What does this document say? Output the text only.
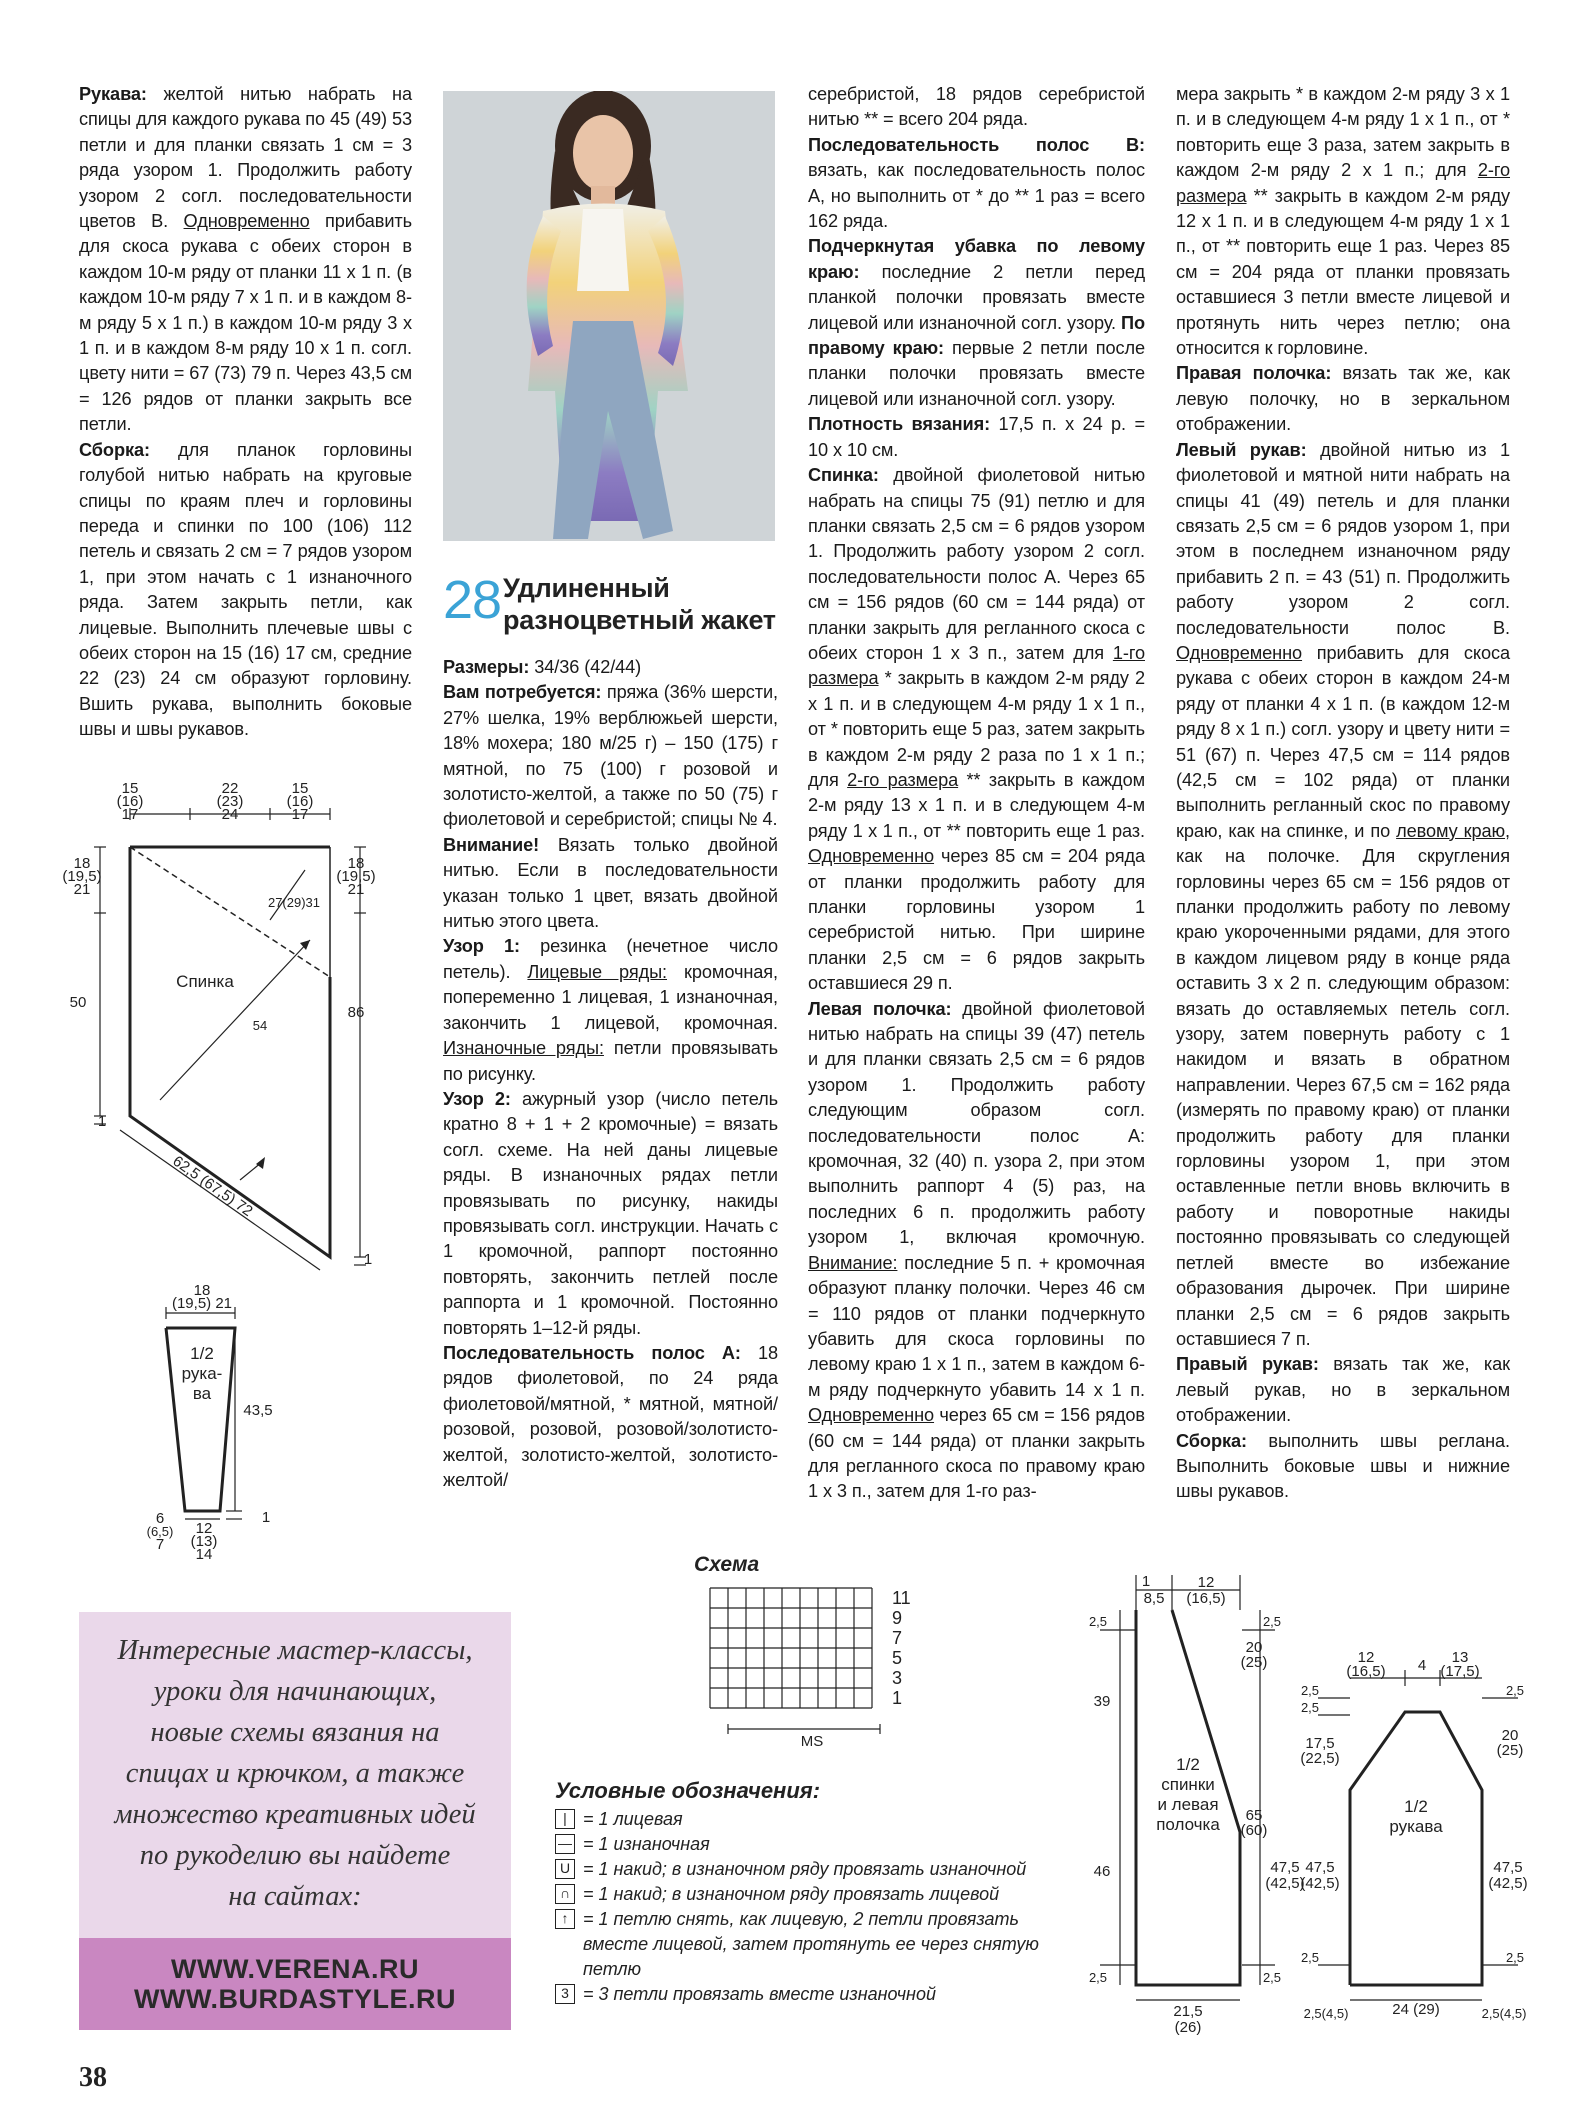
Рукава: желтой нитью набрать на спицы для каждого рукава по 45 (49) 53 петли и для планки связать 1 см = 3 ряда узором 1. Продолжить работу узором 2 согл. последовательности цветов В. Одновременно прибавить для скоса рукава с обеих сторон в каждом 10-м ряду от планки 11 х 1 п. (в каждом 10-м ряду 7 х 1 п. и в каждом 8-м ряду 5 х 1 п.) в каждом 10-м ряду 3 х 1 п. и в каждом 8-м ряду 10 х 1 п. согл. цвету нити = 67 (73) 79 п. Через 43,5 см = 126 рядов от планки закрыть все петли.

Сборка: для планок горловины голубой нитью набрать на круговые спицы по краям плеч и горловины переда и спинки по 100 (106) 112 петель и связать 2 см = 7 рядов узором 1, при этом начать с 1 изнаночного ряда. Затем закрыть петли, как лицевые. Выполнить плечевые швы с обеих сторон на 15 (16) 17 см, средние 22 (23) 24 см образуют горловину. Вшить рукава, выполнить боковые швы и швы рукавов.

28 Удлиненный
разноцветный жакет

Размеры: 34/36 (42/44)

Вам потребуется: пряжа (36% шерсти, 27% шелка, 19% верблюжьей шерсти, 18% мохера; 180 м/25 г) – 150 (175) г мятной, по 75 (100) г розовой и золотисто-желтой, а также по 50 (75) г фиолетовой и серебристой; спицы № 4.

Внимание! Вязать только двойной нитью. Если в последовательности указан только 1 цвет, вязать двойной нитью этого цвета.

Узор 1: резинка (нечетное число петель). Лицевые ряды: кромочная, попеременно 1 лицевая, 1 изнаночная, закончить 1 лицевой, кромочная. Изнаночные ряды: петли провязывать по рисунку.

Узор 2: ажурный узор (число петель кратно 8 + 1 + 2 кромочные) = вязать согл. схеме. На ней даны лицевые ряды. В изнаночных рядах петли провязывать по рисунку, накиды провязывать согл. инструкции. Начать с 1 кромочной, раппорт постоянно повторять, закончить петлей после раппорта и 1 кромочной. Постоянно повторять 1–12-й ряды.

Последовательность полос А: 18 рядов фиолетовой, по 24 ряда фиолетовой/мятной, * мятной, мятной/розовой, розовой, розовой/золотисто-желтой, золотисто-желтой, золотисто-желтой/

серебристой, 18 рядов серебристой нитью ** = всего 204 ряда.

Последовательность полос В: вязать, как последовательность полос А, но выполнить от * до ** 1 раз = всего 162 ряда.

Подчеркнутая убавка по левому краю: последние 2 петли перед планкой полочки провязать вместе лицевой или изнаночной согл. узору. По правому краю: первые 2 петли после планки полочки провязать вместе лицевой или изнаночной согл. узору.

Плотность вязания: 17,5 п. х 24 р. = 10 х 10 см.

Спинка: двойной фиолетовой нитью набрать на спицы 75 (91) петлю и для планки связать 2,5 см = 6 рядов узором 1. Продолжить работу узором 2 согл. последовательности полос А. Через 65 см = 156 рядов (60 см = 144 ряда) от планки закрыть для регланного скоса с обеих сторон 1 х 3 п., затем для 1-го размера * закрыть в каждом 2-м ряду 2 х 1 п. и в следующем 4-м ряду 1 х 1 п., от * повторить еще 5 раз, затем закрыть в каждом 2-м ряду 2 раза по 1 х 1 п.; для 2-го размера ** закрыть в каждом 2-м ряду 13 х 1 п. и в следующем 4-м ряду 1 х 1 п., от ** повторить еще 1 раз. Одновременно через 85 см = 204 ряда от планки продолжить работу для планки горловины узором 1 серебристой нитью. При ширине планки 2,5 см = 6 рядов закрыть оставшиеся 29 п.

Левая полочка: двойной фиолетовой нитью набрать на спицы 39 (47) петель и для планки связать 2,5 см = 6 рядов узором 1. Продолжить работу следующим образом согл. последовательности полос А: кромочная, 32 (40) п. узора 2, при этом выполнить раппорт 4 (5) раз, на последних 6 п. продолжить работу узором 1, включая кромочную. Внимание: последние 5 п. + кромочная образуют планку полочки. Через 46 см = 110 рядов от планки подчеркнуто убавить для скоса горловины по левому краю 1 х 1 п., затем в каждом 6-м ряду подчеркнуто убавить 14 х 1 п. Одновременно через 65 см = 156 рядов (60 см = 144 ряда) от планки закрыть для регланного скоса по правому краю 1 х 3 п., затем для 1-го раз-

мера закрыть * в каждом 2-м ряду 3 х 1 п. и в следующем 4-м ряду 1 х 1 п., от * повторить еще 3 раза, затем закрыть в каждом 2-м ряду 2 х 1 п.; для 2-го размера ** закрыть в каждом 2-м ряду 12 х 1 п. и в следующем 4-м ряду 1 х 1 п., от ** повторить еще 1 раз. Через 85 см = 204 ряда от планки провязать оставшиеся 3 петли вместе лицевой и протянуть нить через петлю; она относится к горловине.

Правая полочка: вязать так же, как левую полочку, но в зеркальном отображении.

Левый рукав: двойной нитью из 1 фиолетовой и мятной нити набрать на спицы 41 (49) петель и для планки связать 2,5 см = 6 рядов узором 1, при этом в последнем изнаночном ряду прибавить 2 п. = 43 (51) п. Продолжить работу узором 2 согл. последовательности полос В. Одновременно прибавить для скоса рукава с обеих сторон в каждом 24-м ряду от планки 4 х 1 п. (в каждом 12-м ряду 8 х 1 п.) согл. узору и цвету нити = 51 (67) п. Через 47,5 см = 114 рядов (42,5 см = 102 ряда) от планки выполнить регланный скос по правому краю, как на спинке, и по левому краю, как на полочке. Для скругления горловины через 65 см = 156 рядов от планки продолжить работу по левому краю укороченными рядами, для этого в каждом лицевом ряду в конце ряда оставить 3 х 2 п. следующим образом: вязать до оставляемых петель согл. узору, затем повернуть работу с 1 накидом и вязать в обратном направлении. Через 67,5 см = 162 ряда (измерять по правому краю) от планки продолжить работу для планки горловины узором 1, при этом оставленные петли вновь включить в работу и поворотные накиды постоянно провязывать со следующей петлей вместе во избежание образования дырочек. При ширине планки 2,5 см = 6 рядов закрыть оставшиеся 7 п.

Правый рукав: вязать так же, как левый рукав, но в зеркальном отображении.

Сборка: выполнить швы реглана. Выполнить боковые швы и нижние швы рукавов.

15
(16)
17
22
(23)
24
15
(16)
17
18
(19,5)
21
18
(19,5)
21
27(29)31
Спинка
50
86
54
1
1
62,5 (67,5) 72
18
(19,5) 21
1/2
рука-
ва
43,5
1
6
(6,5)
7
12
(13)
14
Интересные мастер-классы,
уроки для начинающих,
новые схемы вязания на
спицах и крючком, а также
множество креативных идей
по рукоделию вы найдете
на сайтах:
WWW.VERENA.RU
WWW.BURDASTYLE.RU
Схема
11
9
7
5
3
1
MS
Условные обозначения:
| = 1 лицевая
— = 1 изнаночная
U = 1 накид; в изнаночном ряду провязать изнаночной
∩ = 1 накид; в изнаночном ряду провязать лицевой
↑ = 1 петлю снять, как лицевую, 2 петли провязать вместе лицевой, затем протянуть ее через снятую петлю
3 = 3 петли провязать вместе изнаночной
1
8,5
12
(16,5)
2,5	2,5
20
(25)
39
1/2
спинки
и левая
полочка 65
(60)
46	47,5
(42,5)
2,5	2,5
21,5
(26)
12
(16,5) 4 13
(17,5)
2,5
2,5
2,5
17,5
(22,5)
20
(25)
1/2
рукава
47,5
(42,5)
47,5
(42,5)
2,5	2,5
2,5(4,5)	24 (29)	2,5(4,5)
38
